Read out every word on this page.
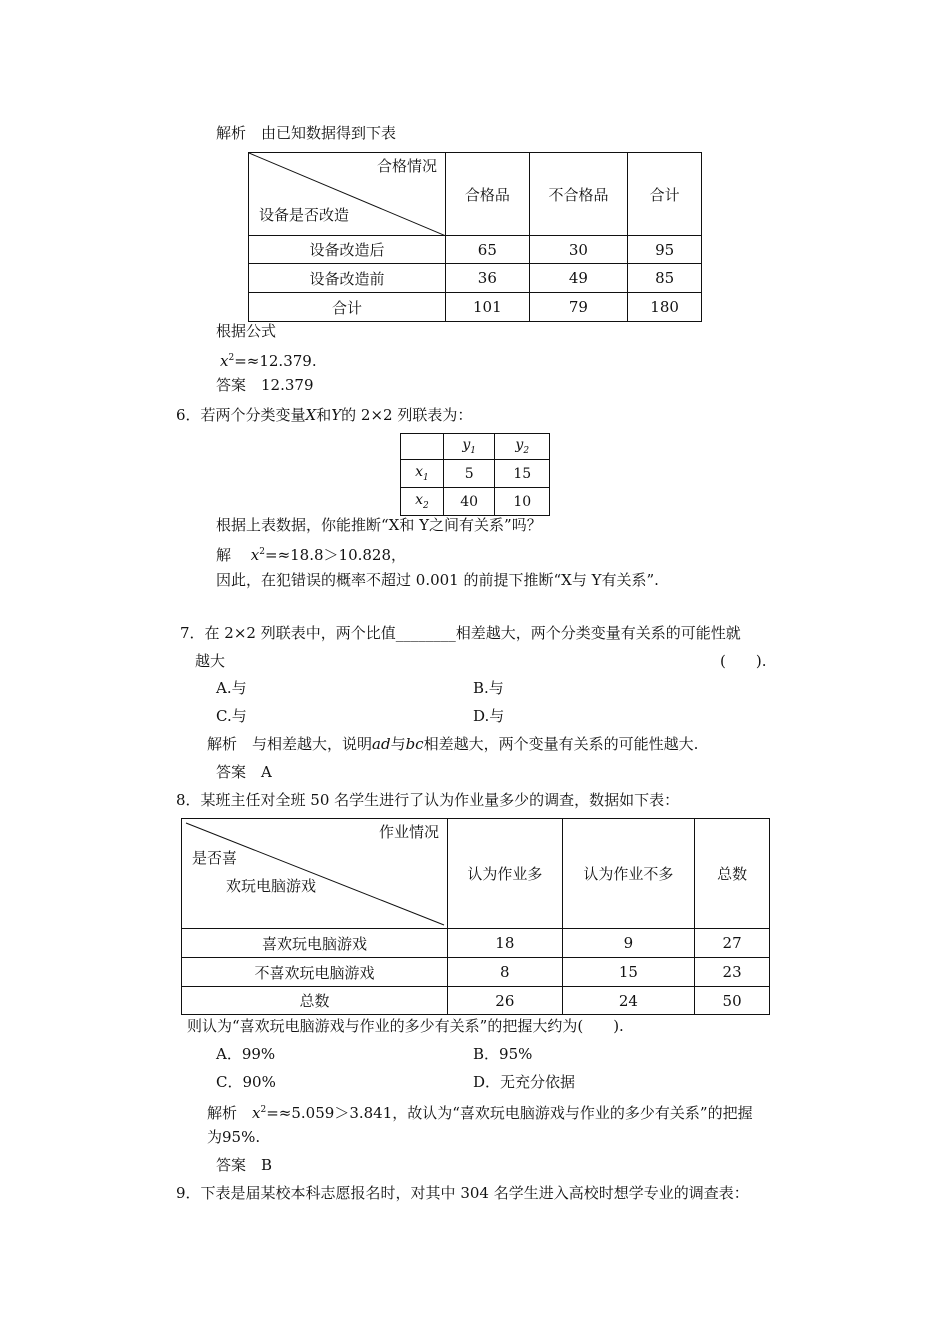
解析　由已知数据得到下表
合格情况
设备是否改造	合格品	不合格品	合计
设备改造后	65	30	95
设备改造前	36	49	85
合计	101	79	180
根据公式
$x^2=\approx 12.379$.
答案　12.379
6．若两个分类变量X和Y的 2×2 列联表为：
	$y_1$	$y_2$
$x_1$	5	15
$x_2$	40	10
根据上表数据，你能推断“X和 Y之间有关系”吗？
解　 $x^2=\approx 18.8>10.828$，
因此，在犯错误的概率不超过 0.001 的前提下推断“X与 Y有关系”.
7．在 2×2 列联表中，两个比值________相差越大，两个分类变量有关系的可能性就
越大	(　　).
A.与	B.与
C.与	D.与
解析　与相差越大，说明ad与bc相差越大，两个变量有关系的可能性越大.
答案　A
8．某班主任对全班 50 名学生进行了认为作业量多少的调查，数据如下表：
作业情况
是否喜
欢玩电脑游戏	认为作业多	认为作业不多	总数
喜欢玩电脑游戏	18	9	27
不喜欢玩电脑游戏	8	15	23
总数	26	24	50
则认为“喜欢玩电脑游戏与作业的多少有关系”的把握大约为(　　).
A．99%	B．95%
C．90%	D．无充分依据
解析　 $x^2=\approx 5.059>3.841$，故认为“喜欢玩电脑游戏与作业的多少有关系”的把握
为95%.
答案　B
9．下表是届某校本科志愿报名时，对其中 304 名学生进入高校时想学专业的调查表：
